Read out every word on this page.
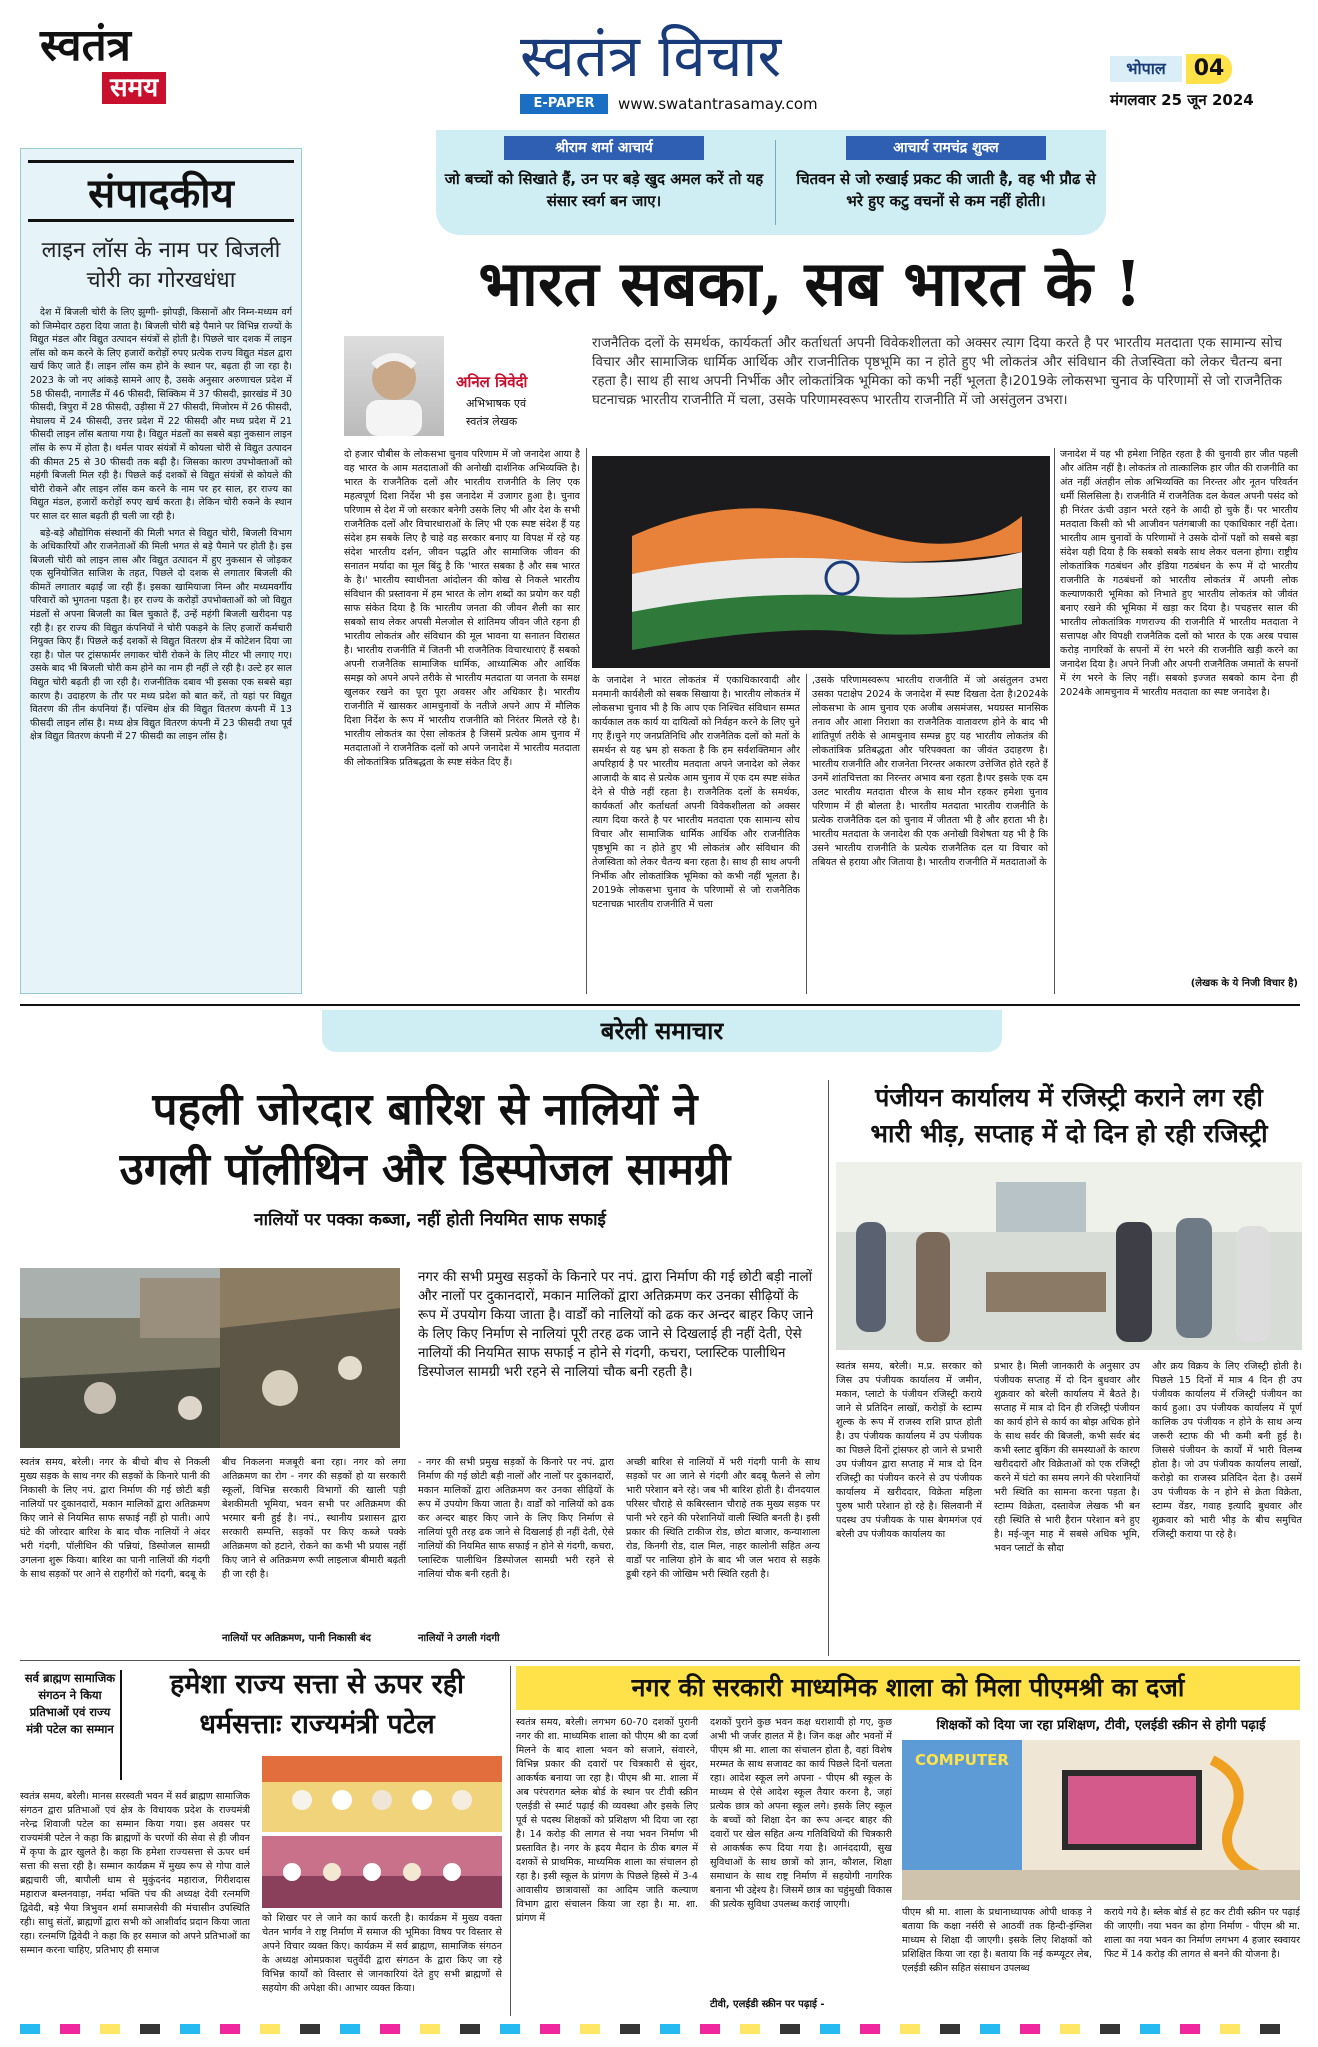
स्वतंत्र
समय	स्वतंत्र विचार
E-PAPER	www.swatantrasamay.com
भोपाल	04
मंगलवार 25 जून 2024
श्रीराम शर्मा आचार्य
जो बच्चों को सिखाते हैं, उन पर बड़े खुद अमल करें तो यह संसार स्वर्ग बन जाए।
आचार्य रामचंद्र शुक्ल
चितवन से जो रुखाई प्रकट की जाती है, वह भी प्रौढ से भरे हुए कटु वचनों से कम नहीं होती।
संपादकीय
लाइन लॉस के नाम पर बिजली चोरी का गोरखधंधा

देश में बिजली चोरी के लिए झुग्गी- झोपड़ी, किसानों और निम्न-मध्यम वर्ग को जिम्मेदार ठहरा दिया जाता है। बिजली चोरी बड़े पैमाने पर विभिन्न राज्यों के विद्युत मंडल और विद्युत उत्पादन संयंत्रों से होती है। पिछले चार दशक में लाइन लॉस को कम करने के लिए हजारों करोड़ों रुपए प्रत्येक राज्य विद्युत मंडल द्वारा खर्च किए जाते हैं। लाइन लॉस कम होने के स्थान पर, बढ़ता ही जा रहा है। 2023 के जो नए आंकड़े सामने आए है, उसके अनुसार अरुणाचल प्रदेश में 58 फीसदी, नागालैंड में 46 फीसदी, सिक्किम में 37 फीसदी, झारखंड में 30 फीसदी, त्रिपुरा में 28 फीसदी, उड़ीसा में 27 फीसदी, मिजोरम में 26 फीसदी, मेघालय में 24 फीसदी, उत्तर प्रदेश में 22 फीसदी और मध्य प्रदेश में 21 फीसदी लाइन लॉस बताया गया है। विद्युत मंडलों का सबसे बड़ा नुकसान लाइन लॉस के रूप में होता है। थर्मल पावर संयंत्रों में कोयला चोरी से विद्युत उत्पादन की कीमत 25 से 30 फीसदी तक बढ़ी है। जिसका कारण उपभोक्ताओं को महंगी बिजली मिल रही है। पिछले कई दशकों से विद्युत संयंत्रों से कोयले की चोरी रोकने और लाइन लॉस कम करने के नाम पर हर साल, हर राज्य का विद्युत मंडल, हजारों करोड़ों रुपए खर्च करता है। लेकिन चोरी रुकने के स्थान पर साल दर साल बढ़ती ही चली जा रही है।

बड़े-बड़े औद्योगिक संस्थानों की मिली भगत से विद्युत चोरी, बिजली विभाग के अधिकारियों और राजनेताओं की मिली भगत से बड़े पैमाने पर होती है। इस बिजली चोरी को लाइन लास और विद्युत उत्पादन में हुए नुकसान से जोड़कर एक सुनियोजित साजिश के तहत, पिछले दो दशक से लगातार बिजली की कीमतें लगातार बढ़ाई जा रही हैं। इसका खामियाजा निम्न और मध्यमवर्गीय परिवारों को भुगतना पड़ता है। हर राज्य के करोड़ों उपभोक्ताओं को जो विद्युत मंडलों से अपना बिजली का बिल चुकाते हैं, उन्हें महंगी बिजली खरीदना पड़ रही है। हर राज्य की विद्युत कंपनियों ने चोरी पकड़ने के लिए हजारों कर्मचारी नियुक्त किए हैं। पिछले कई दशकों से विद्युत वितरण क्षेत्र में कोटेशन दिया जा रहा है। पोल पर ट्रांसफार्मर लगाकर चोरी रोकने के लिए मीटर भी लगाए गए। उसके बाद भी बिजली चोरी कम होने का नाम ही नहीं ले रही है। उल्टे हर साल विद्युत चोरी बढ़ती ही जा रही है। राजनीतिक दबाव भी इसका एक सबसे बड़ा कारण है। उदाहरण के तौर पर मध्य प्रदेश को बात करें, तो यहां पर विद्युत वितरण की तीन कंपनियां हैं। पश्चिम क्षेत्र की विद्युत वितरण कंपनी में 13 फीसदी लाइन लॉस है। मध्य क्षेत्र विद्युत वितरण कंपनी में 23 फीसदी तथा पूर्व क्षेत्र विद्युत वितरण कंपनी में 27 फीसदी का लाइन लॉस है।

भारत सबका, सब भारत के !
अनिल त्रिवेदी
अभिभाषक एवं
स्वतंत्र लेखक
राजनैतिक दलों के समर्थक, कार्यकर्ता और कर्ताधर्ता अपनी विवेकशीलता को अक्सर त्याग दिया करते है पर भारतीय मतदाता एक सामान्य सोच विचार और सामाजिक धार्मिक आर्थिक और राजनीतिक पृष्ठभूमि का न होते हुए भी लोकतंत्र और संविधान की तेजस्विता को लेकर चैतन्य बना रहता है। साथ ही साथ अपनी निर्भीक और लोकतांत्रिक भूमिका को कभी नहीं भूलता है।2019के लोकसभा चुनाव के परिणामों से जो राजनैतिक घटनाचक्र भारतीय राजनीति में चला, उसके परिणामस्वरूप भारतीय राजनीति में जो असंतुलन उभरा।
दो हजार चौबीस के लोकसभा चुनाव परिणाम में जो जनादेश आया है वह भारत के आम मतदाताओं की अनोखी दार्शनिक अभिव्यक्ति है। भारत के राजनैतिक दलों और भारतीय राजनीति के लिए एक महत्वपूर्ण दिशा निर्देश भी इस जनादेश में उजागर हुआ है। चुनाव परिणाम से देश में जो सरकार बनेगी उसके लिए भी और देश के सभी राजनैतिक दलों और विचारधाराओं के लिए भी एक स्पष्ट संदेश हैं यह संदेश हम सबके लिए है चाहे वह सरकार बनाए या विपक्ष में रहे यह संदेश भारतीय दर्शन, जीवन पद्धति और सामाजिक जीवन की सनातन मर्यादा का मूल बिंदु है कि 'भारत सबका है और सब भारत के है।' भारतीय स्वाधीनता आंदोलन की कोख से निकले भारतीय संविधान की प्रस्तावना में हम भारत के लोग शब्दों का प्रयोग कर यही साफ संकेत दिया है कि भारतीय जनता की जीवन शैली का सार सबको साथ लेकर अपसी मेलजोल से शांतिमय जीवन जीते रहना ही भारतीय लोकतंत्र और संविधान की मूल भावना या सनातन विरासत है। भारतीय राजनीति में जितनी भी राजनैतिक विचारधाराएं हैं सबको अपनी राजनैतिक सामाजिक धार्मिक, आध्यात्मिक और आर्थिक समझ को अपने अपने तरीके से भारतीय मतदाता या जनता के समक्ष खुलकर रखने का पूरा पूरा अवसर और अधिकार है। भारतीय राजनीति में खासकर आमचुनावों के नतीजे अपने आप में मौलिक दिशा निर्देश के रूप में भारतीय राजनीति को निरंतर मिलते रहे है। भारतीय लोकतंत्र का ऐसा लोकतंत्र है जिसमें प्रत्येक आम चुनाव में मतदाताओं ने राजनैतिक दलों को अपने जनादेश में भारतीय मतदाता की लोकतांत्रिक प्रतिबद्धता के स्पष्ट संकेत दिए हैं।
के जनादेश ने भारत लोकतंत्र में एकाधिकारवादी और मनमानी कार्यशैली को सबक सिखाया है। भारतीय लोकतंत्र में लोकसभा चुनाव भी है कि आप एक निश्चित संविधान सम्मत कार्यकाल तक कार्य या दायित्वों को निर्वहन करने के लिए चुने गए हैं।चुने गए जनप्रतिनिधि और राजनैतिक दलों को मतों के समर्थन से यह भ्रम हो सकता है कि हम सर्वशक्तिमान और अपरिहार्य है पर भारतीय मतदाता अपने जनादेश को लेकर आजादी के बाद से प्रत्येक आम चुनाव में एक दम स्पष्ट संकेत देने से पीछे नहीं रहता है। राजनैतिक दलों के समर्थक, कार्यकर्ता और कर्ताधर्ता अपनी विवेकशीलता को अक्सर त्याग दिया करते है पर भारतीय मतदाता एक सामान्य सोच विचार और सामाजिक धार्मिक आर्थिक और राजनीतिक पृष्ठभूमि का न होते हुए भी लोकतंत्र और संविधान की तेजस्विता को लेकर चैतन्य बना रहता है। साथ ही साथ अपनी निर्भीक और लोकतांत्रिक भूमिका को कभी नहीं भूलता है। 2019के लोकसभा चुनाव के परिणामों से जो राजनैतिक घटनाचक्र भारतीय राजनीति में चला
,उसके परिणामस्वरूप भारतीय राजनीति में जो असंतुलन उभरा उसका पटाक्षेप 2024 के जनादेश में स्पष्ट दिखता देता है।2024के लोकसभा के आम चुनाव एक अजीब असमंजस, भयग्रस्त मानसिक तनाव और आशा निराशा का राजनैतिक वातावरण होने के बाद भी शांतिपूर्ण तरीके से आमचुनाव सम्पन्न हुए यह भारतीय लोकतंत्र की लोकतांत्रिक प्रतिबद्धता और परिपक्वता का जीवंत उदाहरण है। भारतीय राजनीति और राजनेता निरन्तर अकारण उत्तेजित होते रहते हैं उनमें शांतचित्तता का निरन्तर अभाव बना रहता है।पर इसके एक दम उलट भारतीय मतदाता धीरज के साथ मौन रहकर हमेशा चुनाव परिणाम में ही बोलता है। भारतीय मतदाता भारतीय राजनीति के प्रत्येक राजनैतिक दल को चुनाव में जीतता भी है और हराता भी है। भारतीय मतदाता के जनादेश की एक अनोखी विशेषता यह भी है कि उसने भारतीय राजनीति के प्रत्येक राजनैतिक दल या विचार को तबियत से हराया और जिताया है। भारतीय राजनीति में मतदाताओं के
जनादेश में यह भी हमेशा निहित रहता है की चुनावी हार जीत पहली और अंतिम नहीं है। लोकतंत्र तो तात्कालिक हार जीत की राजनीति का अंत नहीं अंतहीन लोक अभिव्यक्ति का निरन्तर और नूतन परिवर्तन धर्मी सिलसिला है। राजनीति में राजनैतिक दल केवल अपनी पसंद को ही निरंतर ऊंची उड़ान भरते रहने के आदी हो चुके हैं। पर भारतीय मतदाता किसी को भी आजीवन पतंगबाजी का एकाधिकार नहीं देता। भारतीय आम चुनावों के परिणामों ने उसके दोनों पक्षों को सबसे बड़ा संदेश यही दिया है कि सबको सबके साथ लेकर चलना होगा। राष्ट्रीय लोकतांत्रिक गठबंधन और इंडिया गठबंधन के रूप में दो भारतीय राजनीति के गठबंधनों को भारतीय लोकतंत्र में अपनी लोक कल्याणकारी भूमिका को निभाते हुए भारतीय लोकतंत्र को जीवंत बनाए रखने की भूमिका में खड़ा कर दिया है। पचहत्तर साल की भारतीय लोकतांत्रिक गणराज्य की राजनीति में भारतीय मतदाता ने सत्तापक्ष और विपक्षी राजनैतिक दलों को भारत के एक अरब पचास करोड़ नागरिकों के सपनों में रंग भरने की राजनीति खड़ी करने का जनादेश दिया है। अपने निजी और अपनी राजनैतिक जमातों के सपनों में रंग भरने के लिए नहीं। सबको इज्जत सबको काम देना ही 2024के आमचुनाव में भारतीय मतदाता का स्पष्ट जनादेश है।
(लेखक के ये निजी विचार है)
बरेली समाचार
पहली जोरदार बारिश से नालियों ने
उगली पॉलीथिन और डिस्पोजल सामग्री
नालियों पर पक्का कब्जा, नहीं होती नियमित साफ सफाई
नगर की सभी प्रमुख सड़कों के किनारे पर नपं. द्वारा निर्माण की गई छोटी बड़ी नालों और नालों पर दुकानदारों, मकान मालिकों द्वारा अतिक्रमण कर उनका सीढ़ियों के रूप में उपयोग किया जाता है। वार्डों को नालियों को ढक कर अन्दर बाहर किए जाने के लिए किए निर्माण से नालियां पूरी तरह ढक जाने से दिखलाई ही नहीं देती, ऐसे नालियों की नियमित साफ सफाई न होने से गंदगी, कचरा, प्लास्टिक पालीथिन डिस्पोजल सामग्री भरी रहने से नालियां चौक बनी रहती है।
स्वतंत्र समय, बरेली। नगर के बीचो बीच से निकली मुख्य सड़क के साथ नगर की सड़कों के किनारे पानी की निकासी के लिए नपं. द्वारा निर्माण की गई छोटी बड़ी नालियों पर दुकानदारों, मकान मालिकों द्वारा अतिक्रमण किए जाने से नियमित साफ सफाई नहीं हो पाती। आपे घंटे की जोरदार बारिश के बाद चौक नालियों ने अंदर भरी गंदगी, पॉलीथिन की पन्नियां, डिस्पोजल सामग्री उगलना शुरू किया। बारिश का पानी नालियों की गंदगी के साथ सड़कों पर आने से राहगीरों को गंदगी, बदबू के
बीच निकलना मजबूरी बना रहा। नगर को लगा अतिक्रमण का रोग - नगर की सड़कों हो या सरकारी स्कूलों, विभिन्न सरकारी विभागों की खाली पड़ी बेशकीमती भूमिया, भवन सभी पर अतिक्रमण की भरमार बनी हुई है। नपं., स्थानीय प्रशासन द्वारा सरकारी सम्पत्ति, सड़कों पर किए कब्जे पक्के अतिक्रमण को हटाने, रोकने का कभी भी प्रयास नहीं किए जाने से अतिक्रमण रूपी लाइलाज बीमारी बढ़ती ही जा रही है।
नालियों पर अतिक्रमण, पानी निकासी बंद
- नगर की सभी प्रमुख सड़कों के किनारे पर नपं. द्वारा निर्माण की गई छोटी बड़ी नालों और नालों पर दुकानदारों, मकान मालिकों द्वारा अतिक्रमण कर उनका सीढ़ियों के रूप में उपयोग किया जाता है। वार्डों को नालियों को ढक कर अन्दर बाहर किए जाने के लिए किए निर्माण से नालियां पूरी तरह ढक जाने से दिखलाई ही नहीं देती, ऐसे नालियों की नियमित साफ सफाई न होने से गंदगी, कचरा, प्लास्टिक पालीथिन डिस्पोजल सामग्री भरी रहने से नालियां चौक बनी रहती है।
नालियों ने उगली गंदगी
अच्छी बारिश से नालियों में भरी गंदगी पानी के साथ सड़कों पर आ जाने से गंदगी और बदबू फैलने से लोग भारी परेशान बने रहे। जब भी बारिश होती है। दीनदयाल परिसर चौराहे से कबिरस्तान चौराहे तक मुख्य सड़क पर पानी भरे रहने की परेशानियों वाली स्थिति बनती है। इसी प्रकार की स्थिति टाकीज रोड, छोटा बाजार, कन्याशाला रोड, किनगी रोड, दाल मिल, नाहर कालोनी सहित अन्य वार्डों पर नालिया होने के बाद भी जल भराव से सड़के डूबी रहने की जोखिम भरी स्थिति रहती है।
पंजीयन कार्यालय में रजिस्ट्री कराने लग रही
भारी भीड़, सप्ताह में दो दिन हो रही रजिस्ट्री
स्वतंत्र समय, बरेली। म.प्र. सरकार को जिस उप पंजीयक कार्यालय में जमीन, मकान, प्लाटो के पंजीयन रजिस्ट्री कराये जाने से प्रतिदिन लाखों, करोड़ों के स्टाम्प शुल्क के रूप में राजस्व राशि प्राप्त होती है। उप पंजीयक कार्यालय में उप पंजीयक का पिछले दिनों ट्रांसफर हो जाने से प्रभारी उप पंजीयन द्वारा सप्ताह में मात्र दो दिन रजिस्ट्री का पंजीयन करने से उप पंजीयक कार्यालय में खरीददार, विक्रेता महिला पुरुष भारी परेशान हो रहे है। सिलवानी में पदस्थ उप पंजीयक के पास बेगमगंज एवं बरेली उप पंजीयक कार्यालय का
प्रभार है। मिली जानकारी के अनुसार उप पंजीयक सप्ताह में दो दिन बुधवार और शुक्रवार को बरेली कार्यालय में बैठते है। सप्ताह में मात्र दो दिन ही रजिस्ट्री पंजीयन का कार्य होने से कार्य का बोझ अधिक होने के साथ सर्वर की बिजली, कभी सर्वर बंद कभी स्लाट बुकिंग की समस्याओं के कारण खरीददारों और विक्रेताओं को एक रजिस्ट्री करने में घंटो का समय लगने की परेशानियों भरी स्थिति का सामना करना पड़ता है। स्टाम्प विक्रेता, दस्तावेज लेखक भी बन रही स्थिति से भारी हैरान परेशान बने हुए है। मई-जून माह में सबसे अधिक भूमि, भवन प्लाटों के सौदा
और क्रय विक्रय के लिए रजिस्ट्री होती है। पिछले 15 दिनों में मात्र 4 दिन ही उप पंजीयक कार्यालय में रजिस्ट्री पंजीयन का कार्य हुआ। उप पंजीयक कार्यालय में पूर्ण कालिक उप पंजीयक न होने के साथ अन्य जरूरी स्टाफ की भी कमी बनी हुई है। जिससे पंजीयन के कार्यों में भारी विलम्ब होता है। जो उप पंजीयक कार्यालय लाखों, करोड़ो का राजस्व प्रतिदिन देता है। उसमें उप पंजीयक के न होने से क्रेता विक्रेता, स्टाम्प वेंडर, गवाह इत्यादि बुधवार और शुक्रवार को भारी भीड़ के बीच समुचित रजिस्ट्री कराया पा रहे है।
सर्व ब्राह्मण सामाजिक संगठन ने किया प्रतिभाओं एवं राज्य मंत्री पटेल का सम्मान
हमेशा राज्य सत्ता से ऊपर रही
धर्मसत्ताः राज्यमंत्री पटेल
स्वतंत्र समय, बरेली। मानस सरस्वती भवन में सर्व ब्राह्मण सामाजिक संगठन द्वारा प्रतिभाओं एवं क्षेत्र के विधायक प्रदेश के राज्यमंत्री नरेन्द्र शिवाजी पटेल का सम्मान किया गया। इस अवसर पर राज्यमंत्री पटेल ने कहा कि ब्राह्मणों के चरणों की सेवा से ही जीवन में कृपा के द्वार खुलते है। कहा कि हमेशा राज्यसत्ता से ऊपर धर्म सत्ता की सत्ता रही है। सम्मान कार्यक्रम में मुख्य रूप से गोपा वाले ब्रह्मचारी जी, बापौली धाम से मुकुंदनंद महाराज, गिरीशदास महाराज बम्लनवाड़ा, नर्मदा भक्ति पंच की अध्यक्ष देवी रत्नमणि द्विवेदी, बड़े भैया त्रिभुवन शर्मा समाजसेवी की मंचासीन उपस्थिति रही। साधु संतों, ब्राह्मणों द्वारा सभी को आशीर्वाद प्रदान किया जाता रहा। रत्नमणि द्विवेदी ने कहा कि हर समाज को अपने प्रतिभाओं का सम्मान करना चाहिए, प्रतिभाए ही समाज
को शिखर पर ले जाने का कार्य करती है। कार्यक्रम में मुख्य वक्ता चेतन भार्गव ने राष्ट्र निर्माण में समाज की भूमिका विषय पर विस्तार से अपने विचार व्यक्त किए। कार्यक्रम में सर्व ब्राह्मण, सामाजिक संगठन के अध्यक्ष ओमप्रकाश चतुर्वेदी द्वारा संगठन के द्वारा किए जा रहे विभिन्न कार्यों को विस्तार से जानकारियां देते हुए सभी ब्राह्मणों से सहयोग की अपेक्षा की। आभार व्यक्त किया।
नगर की सरकारी माध्यमिक शाला को मिला पीएमश्री का दर्जा
स्वतंत्र समय, बरेली। लगभग 60-70 दशकों पुरानी नगर की शा. माध्यमिक शाला को पीएम श्री का दर्जा मिलने के बाद शाला भवन को सजाने, संवारने, विभिन्न प्रकार की दवारों पर चित्रकारी से सुंदर, आकर्षक बनाया जा रहा है। पीएम श्री मा. शाला में अब परंपरागत ब्लेक बोर्ड के स्थान पर टीवी स्क्रीन एलईडी से स्मार्ट पढ़ाई की व्यवस्था और इसके लिए पूर्व से पदस्थ शिक्षकों को प्रशिक्षण भी दिया जा रहा है। 14 करोड़ की लागत से नया भवन निर्माण भी प्रस्तावित है। नगर के ह्रदय मैदान के ठीक बगल में दशकों से प्राथमिक, माध्यमिक शाला का संचालन हो रहा है। इसी स्कूल के प्रांगण के पिछले हिस्से में 3-4 आवासीय छात्रावासों का आदिम जाति कल्याण विभाग द्वारा संचालन किया जा रहा है। मा. शा. प्रांगण में
दशकों पुराने कुछ भवन कक्ष धराशायी हो गए, कुछ अभी भी जर्जर हालत में है। जिन कक्ष और भवनों में पीएम श्री मा. शाला का संचालन होता है, वहां विशेष मरम्मत के साथ सजावट का कार्य पिछले दिनों चलता रहा। आदेश स्कूल लगे अपना - पीएम श्री स्कूल के माध्यम से ऐसे आदेश स्कूल तैयार करना है, जहां प्रत्येक छात्र को अपना स्कूल लगे। इसके लिए स्कूल के बच्चों को शिक्षा देन का रूप अन्दर बाहर की दवारों पर खेल सहित अन्य गतिविधियों की चित्रकारी से आकर्षक रूप दिया गया है। आनंददायी, सुख सुविधाओं के साथ छात्रों को ज्ञान, कौशल, शिक्षा समाधान के साथ राष्ट्र निर्माण में सहयोगी नागरिक बनाना भी उद्देश्य है। जिसमें छात्र का चहुंमुखी विकास की प्रत्येक सुविधा उपलब्ध कराई जाएगी।
टीवी, एलईडी स्क्रीन पर पढ़ाई -
शिक्षकों को दिया जा रहा प्रशिक्षण, टीवी, एलईडी स्क्रीन से होगी पढ़ाई
COMPUTER
पीएम श्री मा. शाला के प्रधानाध्यापक ओपी धाकड़ ने बताया कि कक्षा नर्सरी से आठवीं तक हिन्दी-इंग्लिश माध्यम से शिक्षा दी जाएगी। इसके लिए शिक्षकों को प्रशिक्षित किया जा रहा है। बताया कि नई कम्प्यूटर लेब, एलईडी स्क्रीन सहित संसाधन उपलब्ध
कराये गये है। ब्लेक बोर्ड से हट कर टीवी स्क्रीन पर पढ़ाई की जाएगी। नया भवन का होगा निर्माण - पीएम श्री मा. शाला का नया भवन का निर्माण लगभग 4 हजार स्क्वायर फिट में 14 करोड़ की लागत से बनने की योजना है।
